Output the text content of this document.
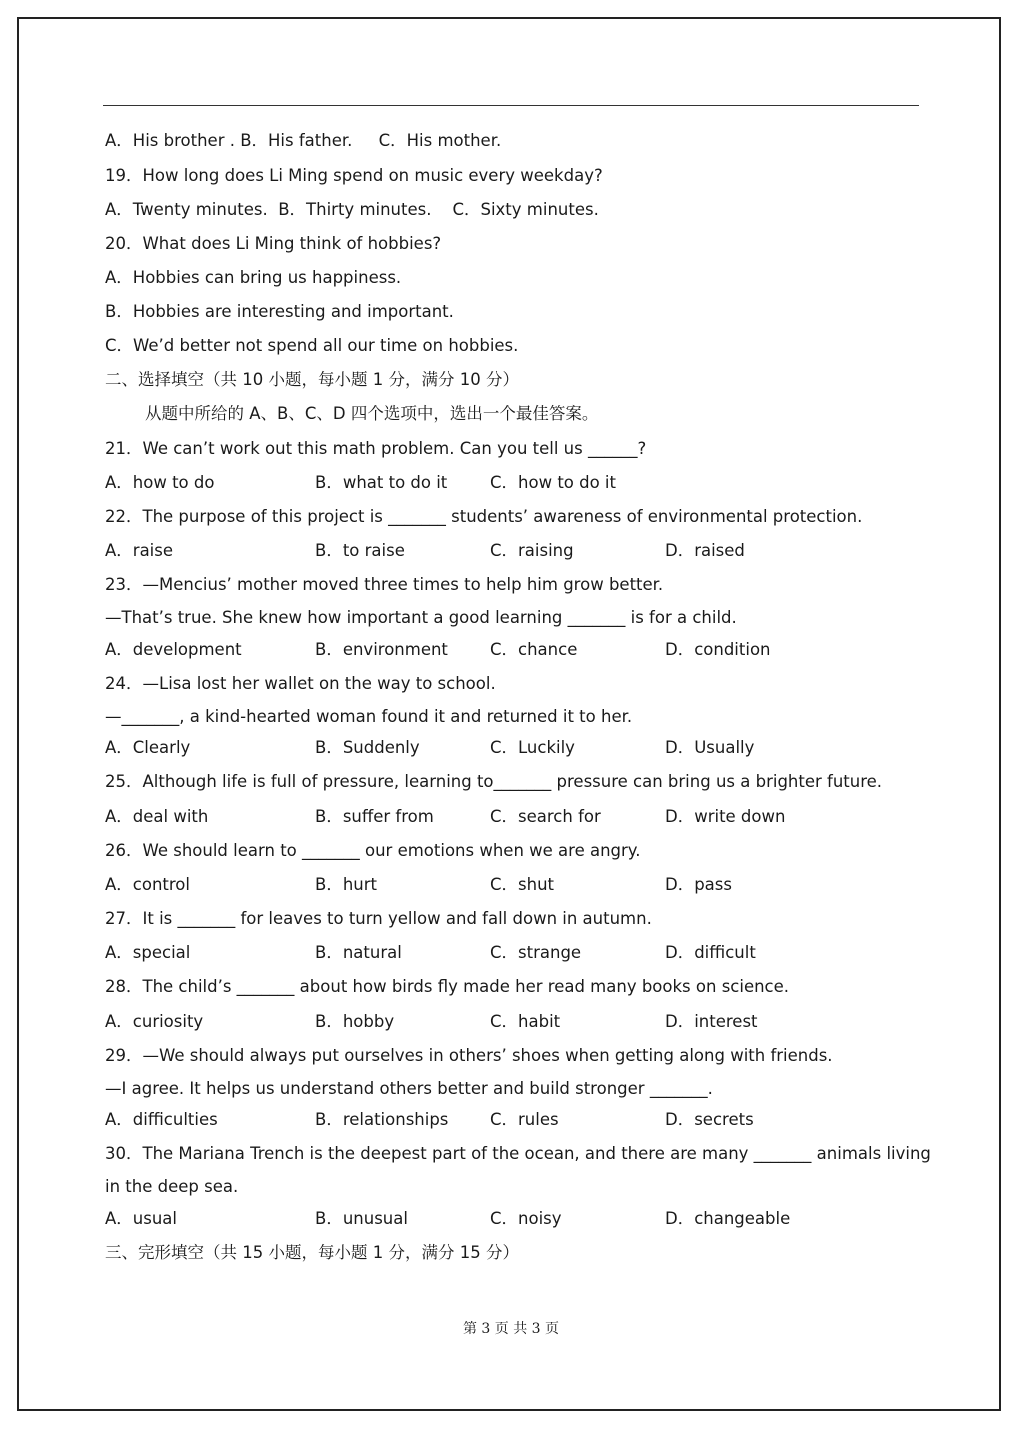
A．His brother . B．His father.     C．His mother.
19．How long does Li Ming spend on music every weekday?
A．Twenty minutes.  B．Thirty minutes.    C．Sixty minutes.
20．What does Li Ming think of hobbies?
A．Hobbies can bring us happiness.
B．Hobbies are interesting and important.
C．We’d better not spend all our time on hobbies.
二、选择填空（共 10 小题，每小题 1 分，满分 10 分）
从题中所给的 A、B、C、D 四个选项中，选出一个最佳答案。
21．We can’t work out this math problem. Can you tell us ______?
A．how to do	B．what to do it	C．how to do it
22．The purpose of this project is _______ students’ awareness of environmental protection.
A．raise	B．to raise	C．raising	D．raised
23．—Mencius’ mother moved three times to help him grow better.
—That’s true. She knew how important a good learning _______ is for a child.
A．development	B．environment	C．chance	D．condition
24．—Lisa lost her wallet on the way to school.
—_______, a kind-hearted woman found it and returned it to her.
A．Clearly	B．Suddenly	C．Luckily	D．Usually
25．Although life is full of pressure, learning to_______ pressure can bring us a brighter future.
A．deal with	B．suffer from	C．search for	D．write down
26．We should learn to _______ our emotions when we are angry.
A．control	B．hurt	C．shut	D．pass
27．It is _______ for leaves to turn yellow and fall down in autumn.
A．special	B．natural	C．strange	D．difficult
28．The child’s _______ about how birds fly made her read many books on science.
A．curiosity	B．hobby	C．habit	D．interest
29．—We should always put ourselves in others’ shoes when getting along with friends.
—I agree. It helps us understand others better and build stronger _______.
A．difficulties	B．relationships	C．rules	D．secrets
30．The Mariana Trench is the deepest part of the ocean, and there are many _______ animals living
in the deep sea.
A．usual	B．unusual	C．noisy	D．changeable
三、完形填空（共 15 小题，每小题 1 分，满分 15 分）
第 3 页 共 3 页
